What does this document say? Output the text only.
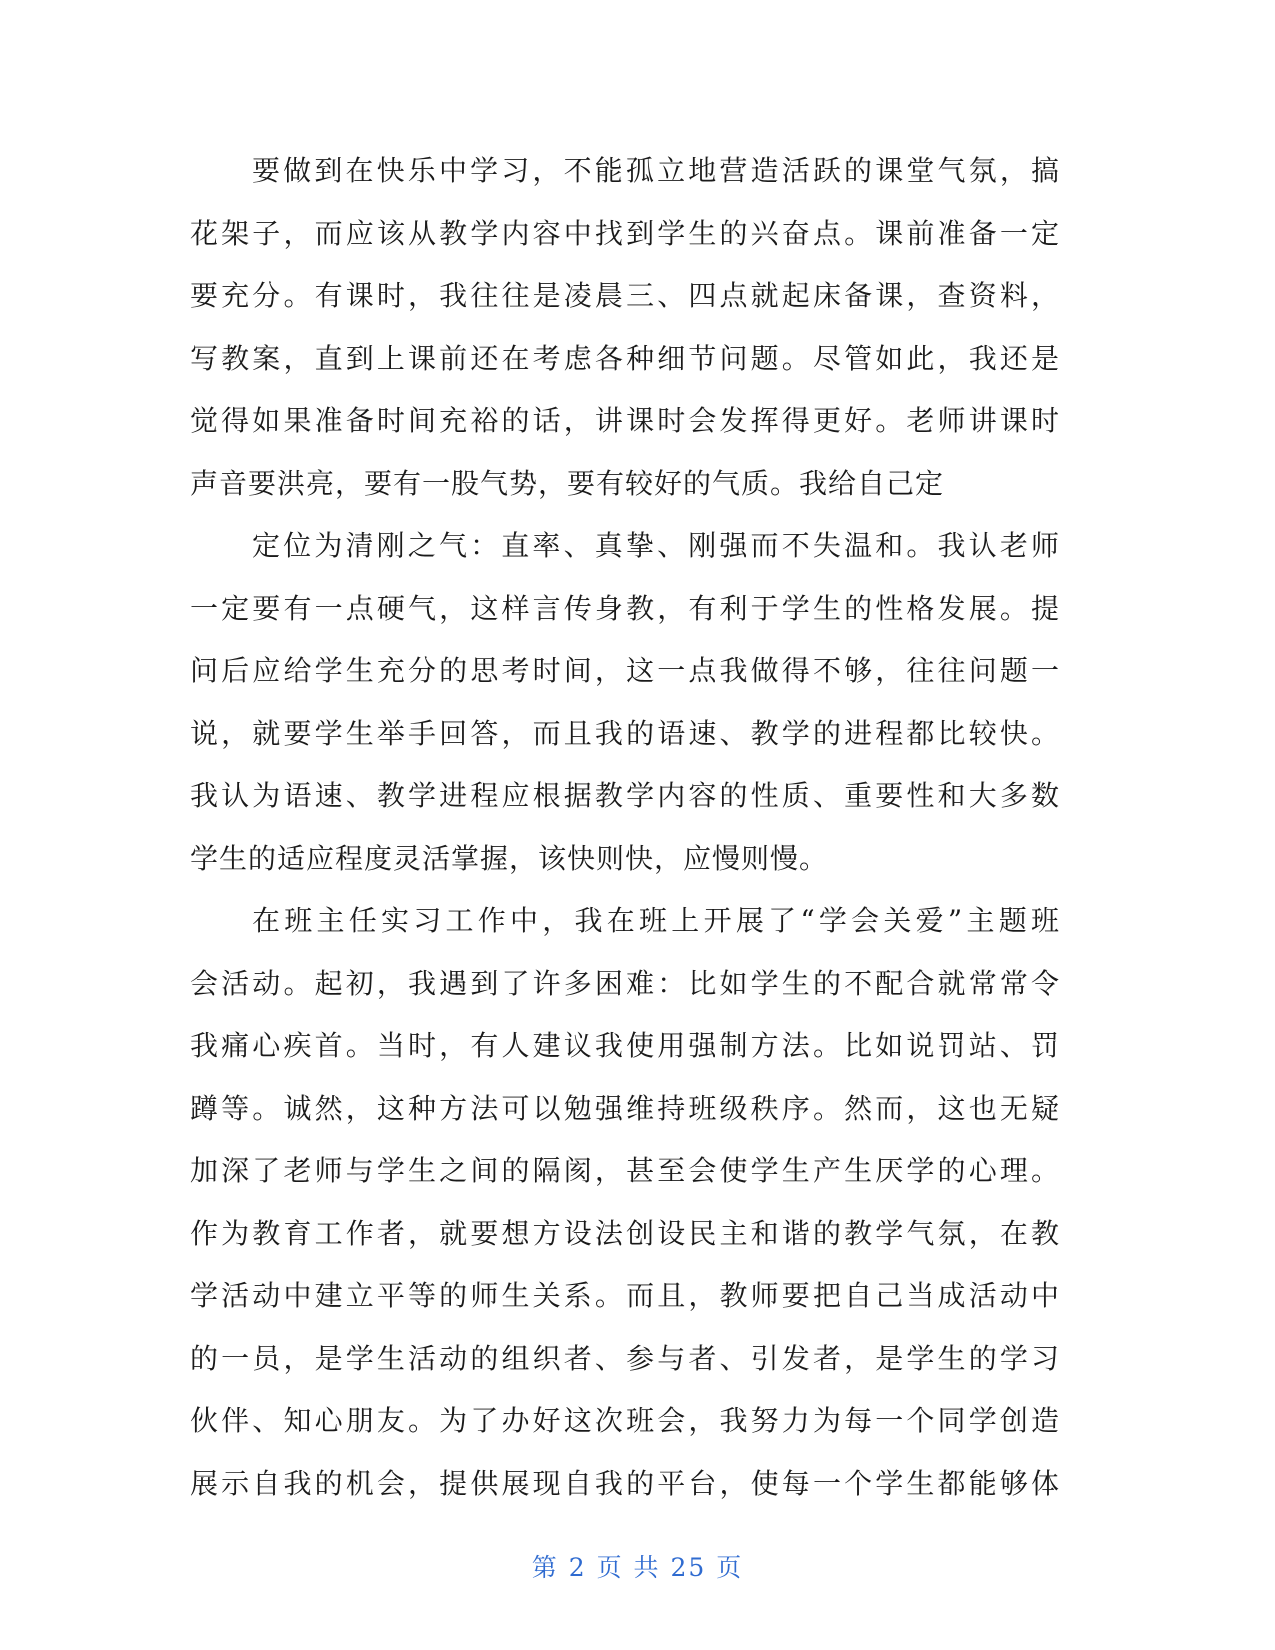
要做到在快乐中学习，不能孤立地营造活跃的课堂气氛，搞
花架子，而应该从教学内容中找到学生的兴奋点。课前准备一定
要充分。有课时，我往往是凌晨三、四点就起床备课，查资料，
写教案，直到上课前还在考虑各种细节问题。尽管如此，我还是
觉得如果准备时间充裕的话，讲课时会发挥得更好。老师讲课时
声音要洪亮，要有一股气势，要有较好的气质。我给自己定
定位为清刚之气：直率、真挚、刚强而不失温和。我认老师
一定要有一点硬气，这样言传身教，有利于学生的性格发展。提
问后应给学生充分的思考时间，这一点我做得不够，往往问题一
说，就要学生举手回答，而且我的语速、教学的进程都比较快。
我认为语速、教学进程应根据教学内容的性质、重要性和大多数
学生的适应程度灵活掌握，该快则快，应慢则慢。
在班主任实习工作中，我在班上开展了“学会关爱”主题班
会活动。起初，我遇到了许多困难：比如学生的不配合就常常令
我痛心疾首。当时，有人建议我使用强制方法。比如说罚站、罚
蹲等。诚然，这种方法可以勉强维持班级秩序。然而，这也无疑
加深了老师与学生之间的隔阂，甚至会使学生产生厌学的心理。
作为教育工作者，就要想方设法创设民主和谐的教学气氛，在教
学活动中建立平等的师生关系。而且，教师要把自己当成活动中
的一员，是学生活动的组织者、参与者、引发者，是学生的学习
伙伴、知心朋友。为了办好这次班会，我努力为每一个同学创造
展示自我的机会，提供展现自我的平台，使每一个学生都能够体
第 2 页 共 25 页
